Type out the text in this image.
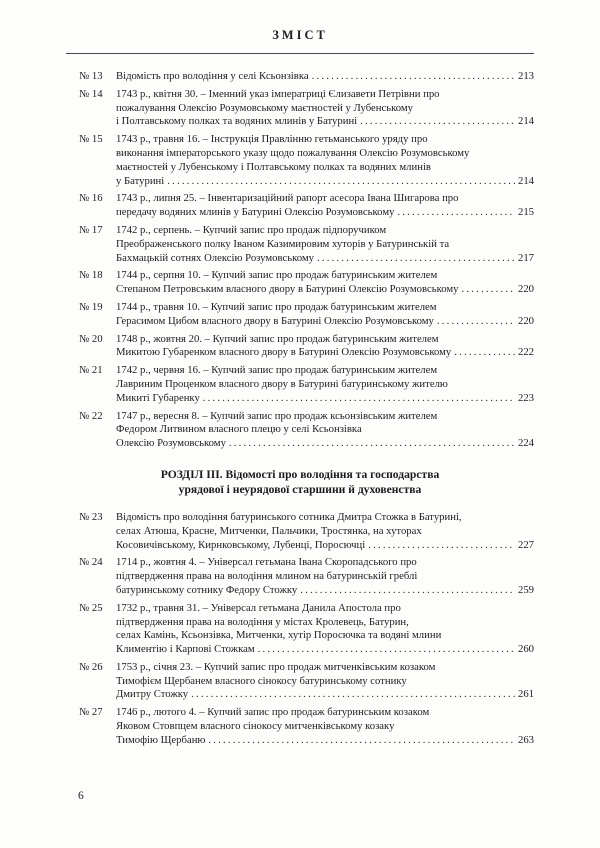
ЗМІСТ
№ 13	Відомість про володіння у селі Ксьонзівка .....	213
№ 14	1743 р., квітня 30. – Іменний указ імператриці Єлизавети Петрівни про
пожалування Олексію Розумовському маєтностей у Лубенському
і Полтавському полках та водяних млинів у Батурині .....	214
№ 15	1743 р., травня 16. – Інструкція Правлінню гетьманського уряду про
виконання імператорського указу щодо пожалування Олексію Розумовському
маєтностей у Лубенському і Полтавському полках та водяних млинів
у Батурині .....	214
№ 16	1743 р., липня 25. – Інвентаризаційний рапорт асесора Івана Шигарова про
передачу водяних млинів у Батурині Олексію Розумовському .....	215
№ 17	1742 р., серпень. – Купчий запис про продаж підпоручиком
Преображенського полку Іваном Казимировим хуторів у Батуринській та
Бахмацькій сотнях Олексію Розумовському .....	217
№ 18	1744 р., серпня 10. – Купчий запис про продаж батуринським жителем
Степаном Петровським власного двору в Батурині Олексію Розумовському .....	220
№ 19	1744 р., травня 10. – Купчий запис про продаж батуринським жителем
Герасимом Цибом власного двору в Батурині Олексію Розумовському .....	220
№ 20	1748 р., жовтня 20. – Купчий запис про продаж батуринським жителем
Микитою Губаренком власного двору в Батурині Олексію Розумовському .....	222
№ 21	1742 р., червня 16. – Купчий запис про продаж батуринським жителем
Лавриним Проценком власного двору в Батурині батуринському жителю
Микиті Губаренку .....	223
№ 22	1747 р., вересня 8. – Купчий запис про продаж ксьонзівським жителем
Федором Литвином власного плецю у селі Ксьонзівка
Олексію Розумовському .....	224
РОЗДІЛ ІІІ. Відомості про володіння та господарства
урядової і неурядової старшини й духовенства
№ 23	Відомість про володіння батуринського сотника Дмитра Стожка в Батурині,
селах Атюша, Красне, Митченки, Пальчики, Тростянка, на хуторах
Косовичівському, Кирнковському, Лубенці, Поросючці .....	227
№ 24	1714 р., жовтня 4. – Універсал гетьмана Івана Скоропадського про
підтвердження права на володіння млином на батуринській греблі
батуринському сотнику Федору Стожку .....	259
№ 25	1732 р., травня 31. – Універсал гетьмана Данила Апостола про
підтвердження права на володіння у містах Кролевець, Батурин,
селах Камінь, Ксьонзівка, Митченки, хутір Поросючка та водяні млини
Климентію і Карпові Стожкам .....	260
№ 26	1753 р., січня 23. – Купчий запис про продаж митченківським козаком
Тимофієм Щербанем власного сінокосу батуринському сотнику
Дмитру Стожку .....	261
№ 27	1746 р., лютого 4. – Купчий запис про продаж батуринським козаком
Яковом Стовпцем власного сінокосу митченківському козаку
Тимофію Щербаню .....	263
6
